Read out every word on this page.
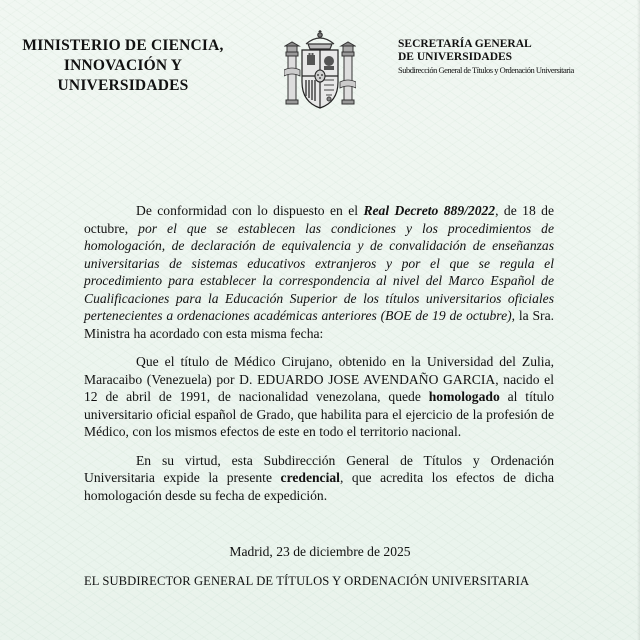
MINISTERIO DE CIENCIA,
INNOVACIÓN Y
UNIVERSIDADES
SECRETARÍA GENERAL
DE UNIVERSIDADES
Subdirección General de Títulos y Ordenación Universitaria

De conformidad con lo dispuesto en el Real Decreto 889/2022, de 18 de octubre, por el que se establecen las condiciones y los procedimientos de homologación, de declaración de equivalencia y de convalidación de enseñanzas universitarias de sistemas educativos extranjeros y por el que se regula el procedimiento para establecer la correspondencia al nivel del Marco Español de Cualificaciones para la Educación Superior de los títulos universitarios oficiales pertenecientes a ordenaciones académicas anteriores (BOE de 19 de octubre), la Sra. Ministra ha acordado con esta misma fecha:

Que el título de Médico Cirujano, obtenido en la Universidad del Zulia, Maracaibo (Venezuela) por D. EDUARDO JOSE AVENDAÑO GARCIA, nacido el 12 de abril de 1991, de nacionalidad venezolana, quede homologado al título universitario oficial español de Grado, que habilita para el ejercicio de la profesión de Médico, con los mismos efectos de este en todo el territorio nacional.

En su virtud, esta Subdirección General de Títulos y Ordenación Universitaria expide la presente credencial, que acredita los efectos de dicha homologación desde su fecha de expedición.

Madrid, 23 de diciembre de 2025
EL SUBDIRECTOR GENERAL DE TÍTULOS Y ORDENACIÓN UNIVERSITARIA
